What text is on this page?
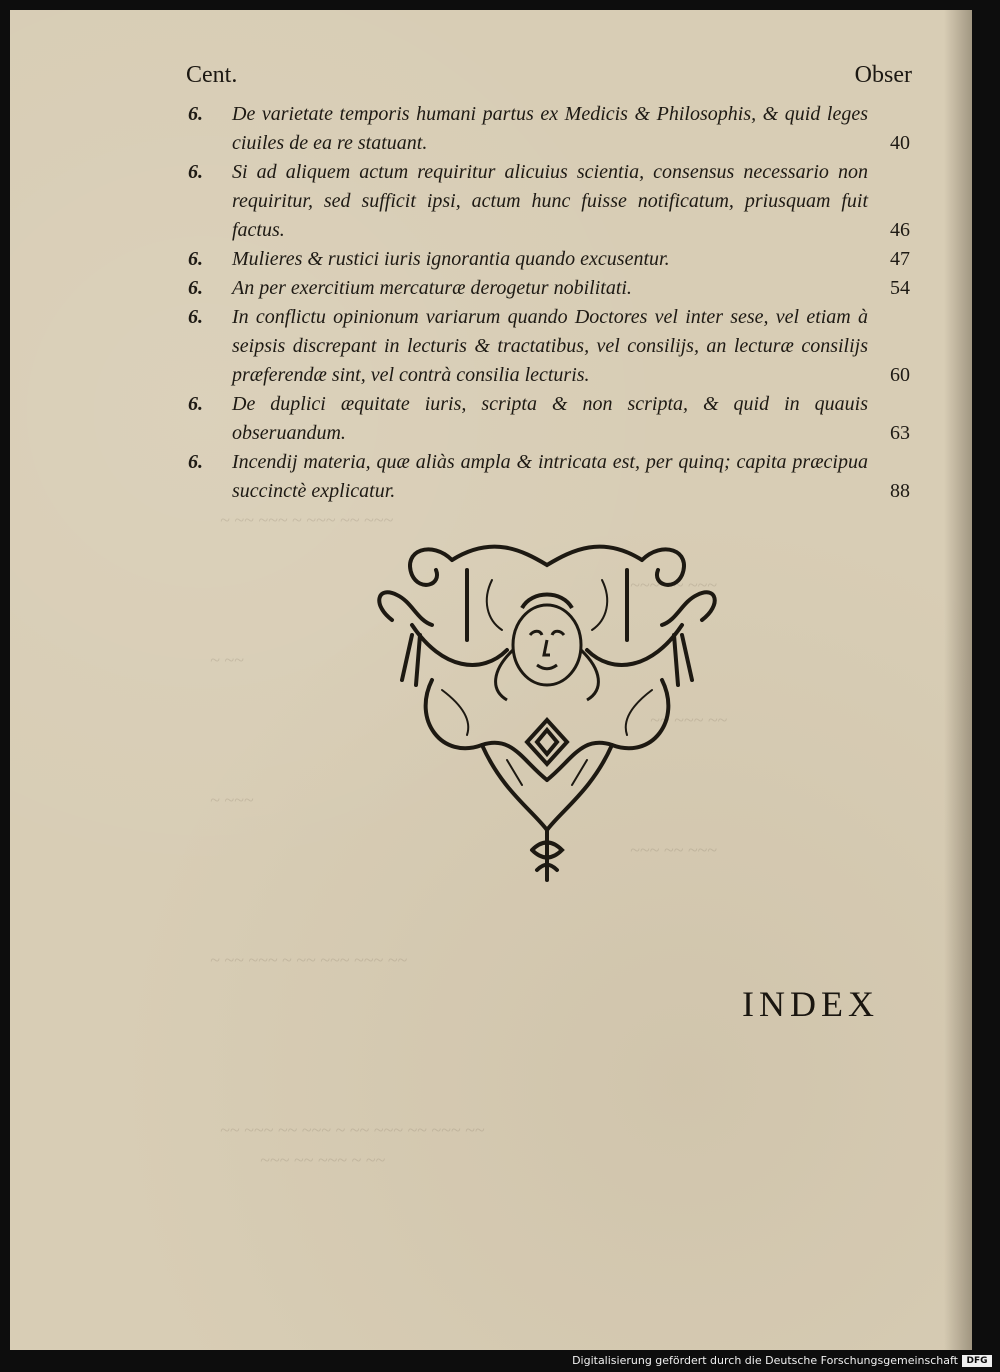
~ ~~ ~~~ ~ ~~~ ~~ ~~~
~~~ ~~ ~~~
~ ~~
~~ ~~~ ~~
~ ~~~
~~~ ~~ ~~~
~ ~~ ~~~ ~ ~~ ~~~ ~~~ ~~
~~ ~~~ ~~ ~~~ ~ ~~ ~~~ ~~ ~~~ ~~
~~~ ~~ ~~~ ~ ~~
Cent.	Obser
6.	De varietate temporis humani partus ex Medicis & Philosophis, & quid leges ciuiles de ea re statuant.	40
6.	Si ad aliquem actum requiritur alicuius scientia, consensus necessario non requiritur, sed sufficit ipsi, actum hunc fuisse notificatum, priusquam fuit factus.	46
6.	Mulieres & rustici iuris ignorantia quando excusentur.	47
6.	An per exercitium mercaturæ derogetur nobilitati.	54
6.	In conflictu opinionum variarum quando Doctores vel inter sese, vel etiam à seipsis discrepant in lecturis & tractatibus, vel consilijs, an lecturæ consilijs præferendæ sint, vel contrà consilia lecturis.	60
6.	De duplici æquitate iuris, scripta & non scripta, & quid in quauis obseruandum.	63
6.	Incendij materia, quæ aliàs ampla & intricata est, per quinq; capita præcipua succinctè explicatur.	88
INDEX
Digitalisierung gefördert durch die Deutsche Forschungsgemeinschaft DFG
